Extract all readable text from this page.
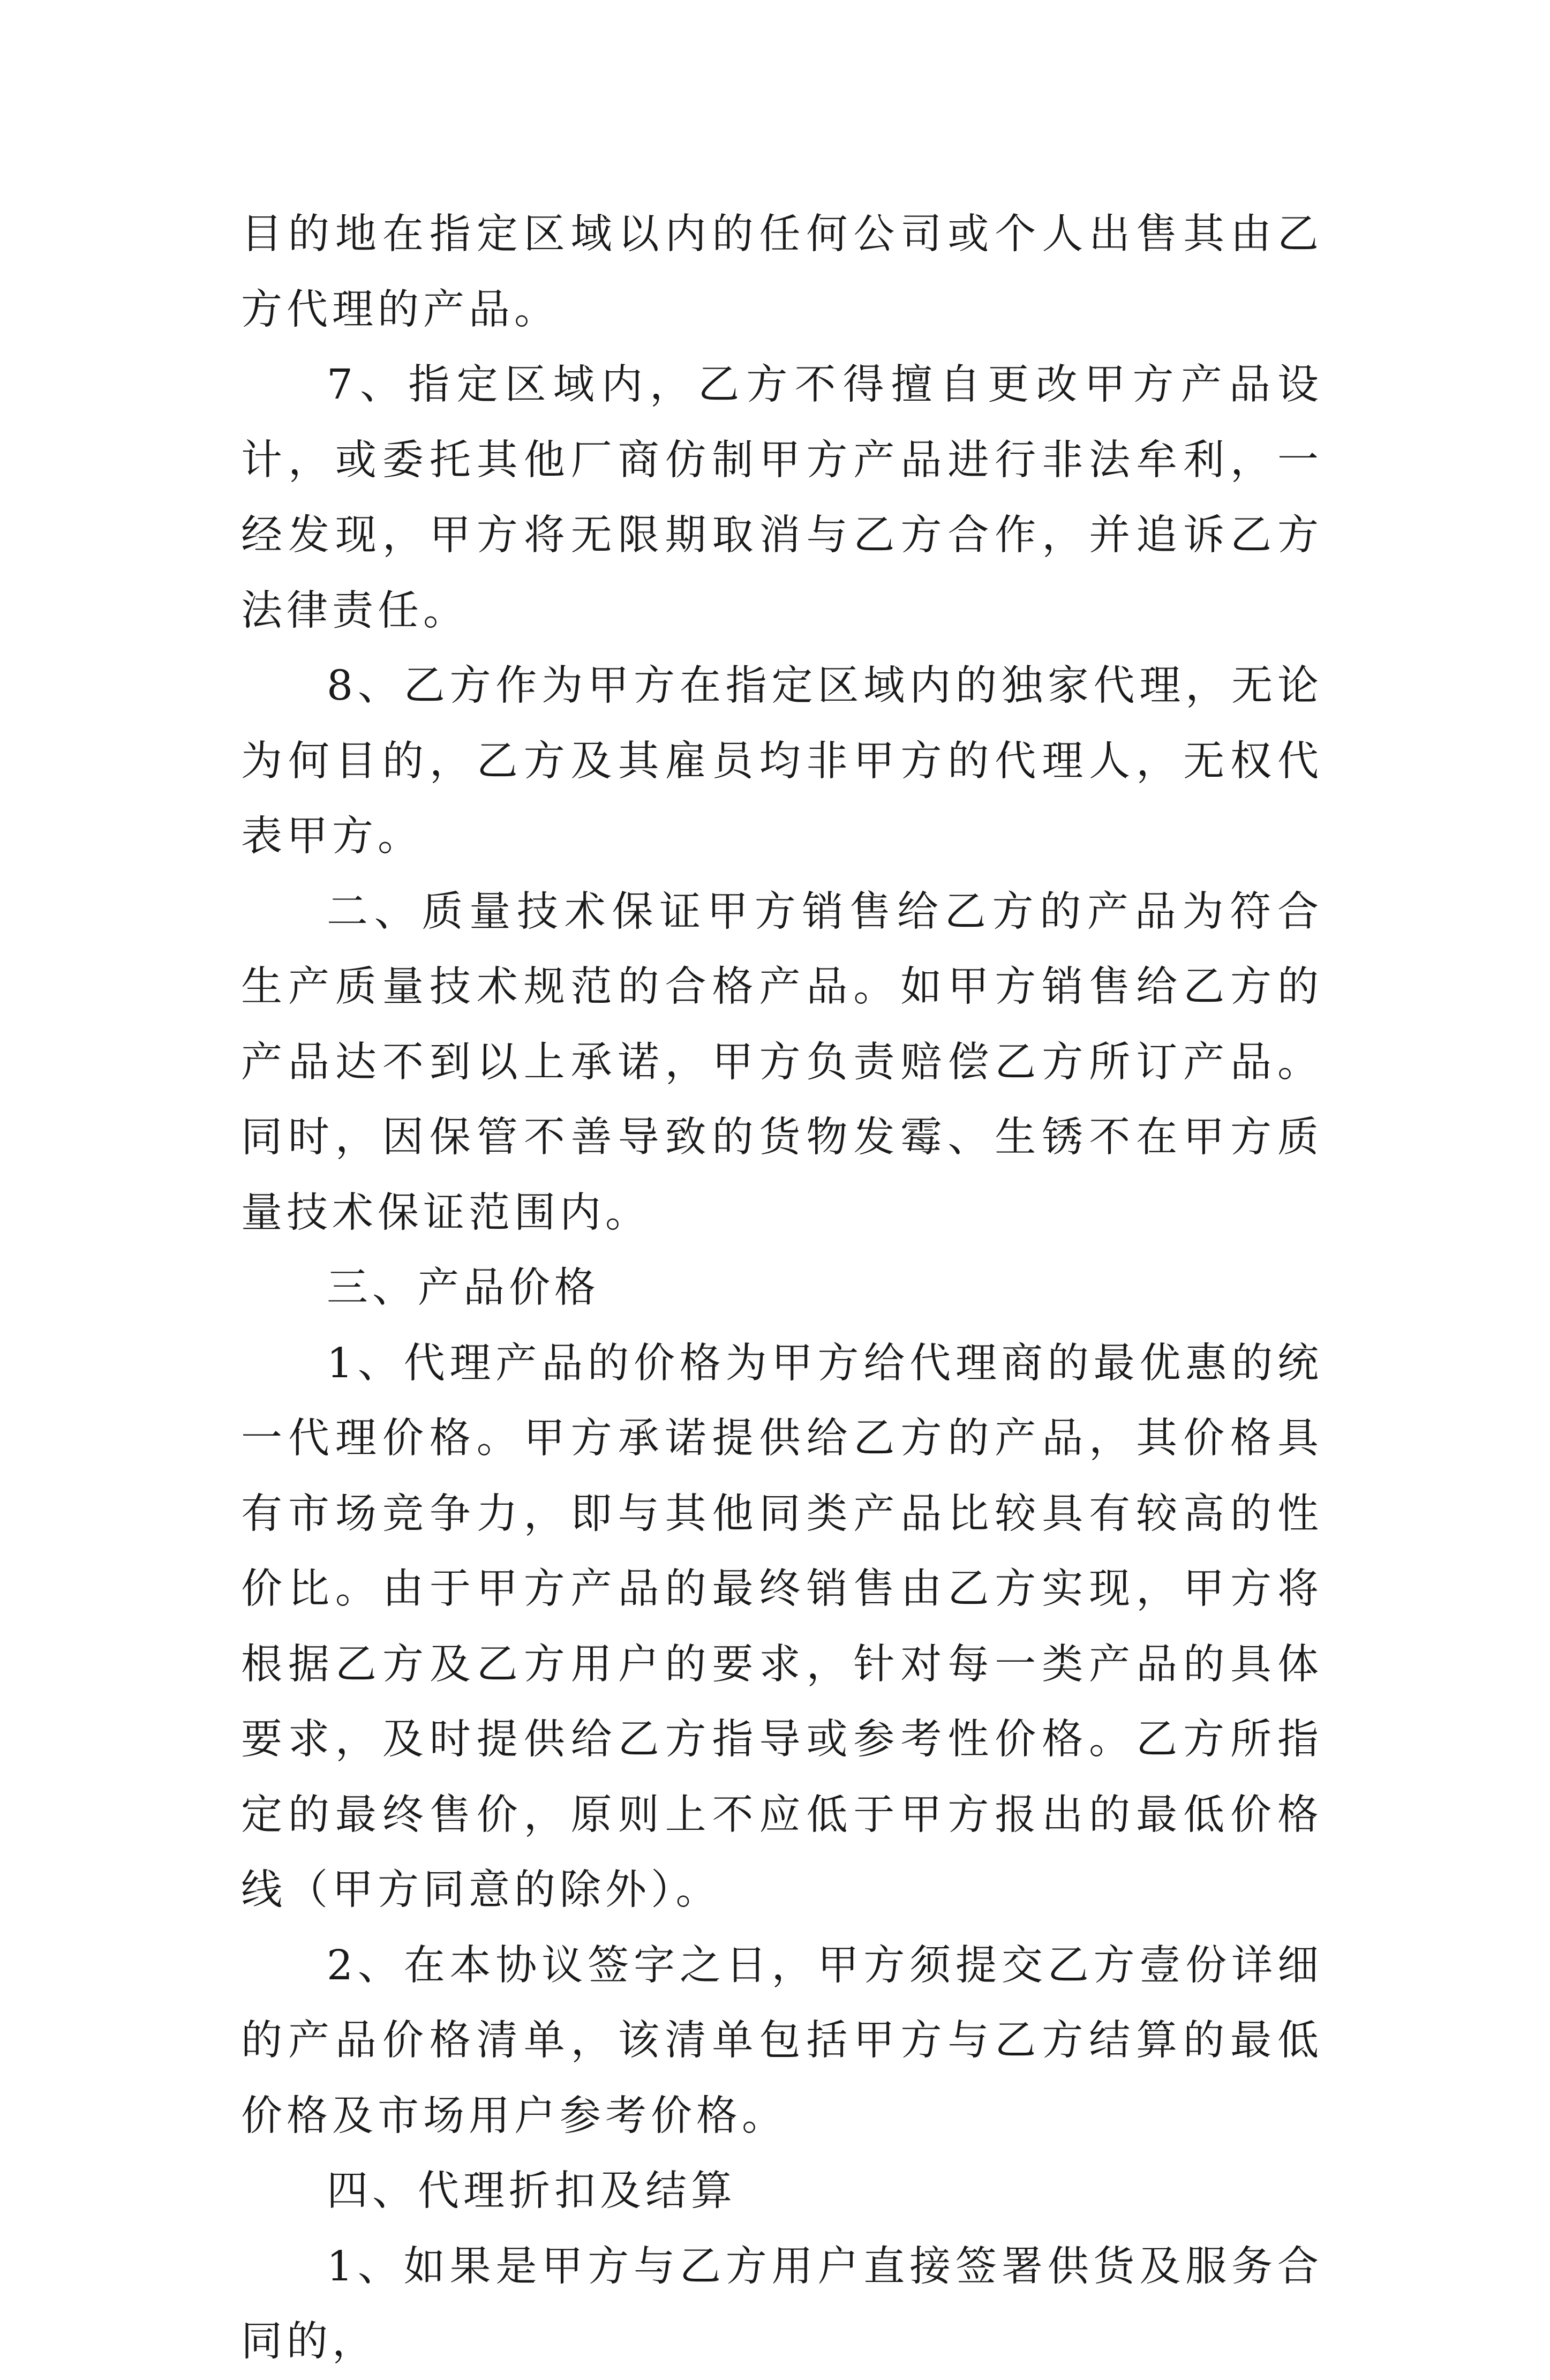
目的地在指定区域以内的任何公司或个人出售其由乙方代理的产品。

7、指定区域内，乙方不得擅自更改甲方产品设计，或委托其他厂商仿制甲方产品进行非法牟利，一经发现，甲方将无限期取消与乙方合作，并追诉乙方法律责任。

8、乙方作为甲方在指定区域内的独家代理，无论为何目的，乙方及其雇员均非甲方的代理人，无权代表甲方。

二、质量技术保证甲方销售给乙方的产品为符合生产质量技术规范的合格产品。如甲方销售给乙方的产品达不到以上承诺，甲方负责赔偿乙方所订产品。同时，因保管不善导致的货物发霉、生锈不在甲方质量技术保证范围内。

三、产品价格

1、代理产品的价格为甲方给代理商的最优惠的统一代理价格。甲方承诺提供给乙方的产品，其价格具有市场竞争力，即与其他同类产品比较具有较高的性价比。由于甲方产品的最终销售由乙方实现，甲方将根据乙方及乙方用户的要求，针对每一类产品的具体要求，及时提供给乙方指导或参考性价格。乙方所指定的最终售价，原则上不应低于甲方报出的最低价格线（甲方同意的除外）。

2、在本协议签字之日，甲方须提交乙方壹份详细的产品价格清单，该清单包括甲方与乙方结算的最低价格及市场用户参考价格。

四、代理折扣及结算

1、如果是甲方与乙方用户直接签署供货及服务合同的，
